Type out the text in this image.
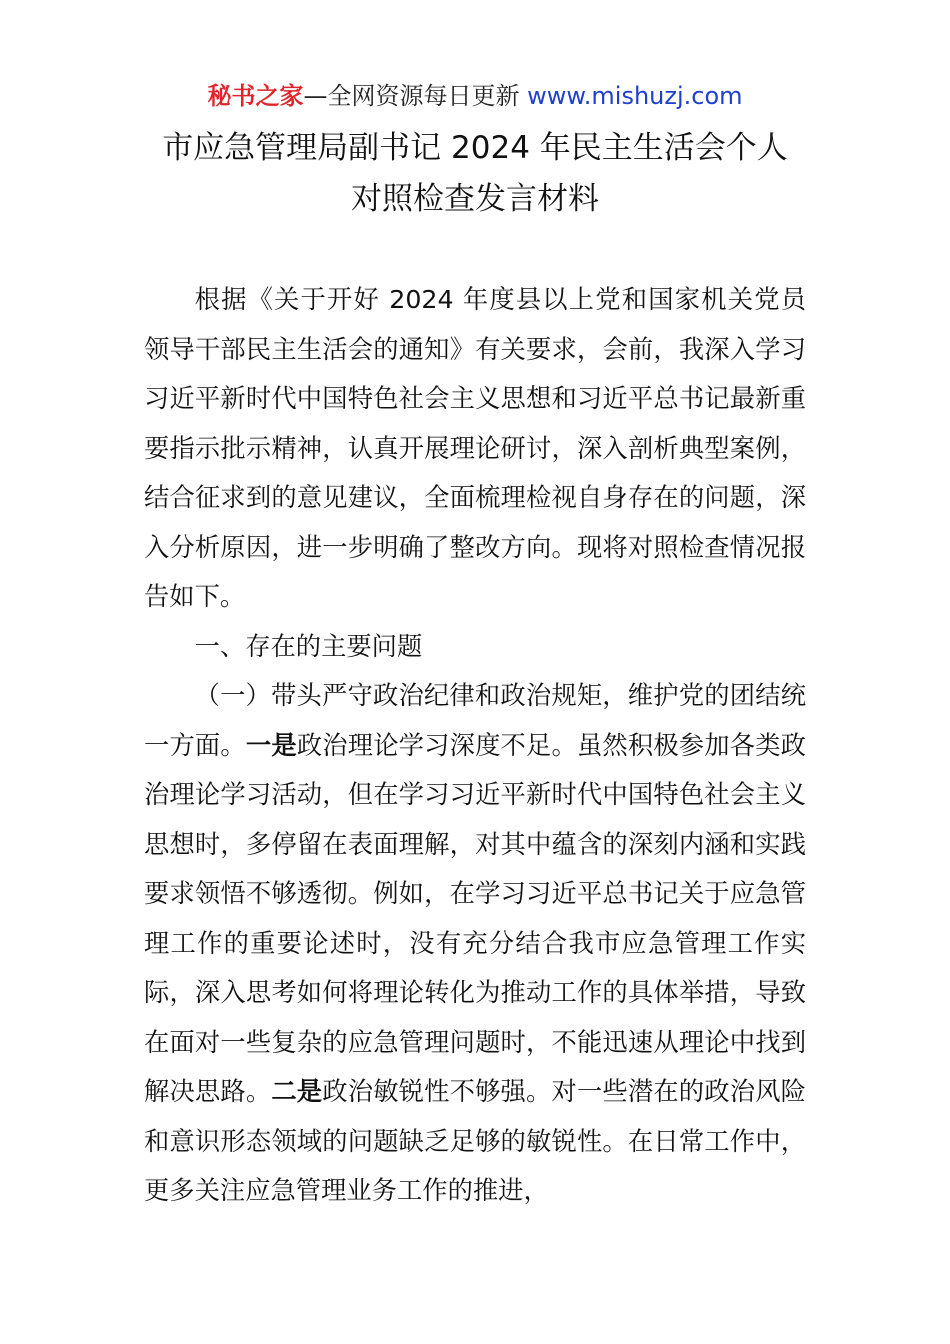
秘书之家—全网资源每日更新 www.mishuzj.com
市应急管理局副书记 2024 年民主生活会个人
对照检查发言材料

根据《关于开好 2024 年度县以上党和国家机关党员领导干部民主生活会的通知》有关要求，会前，我深入学习习近平新时代中国特色社会主义思想和习近平总书记最新重要指示批示精神，认真开展理论研讨，深入剖析典型案例，结合征求到的意见建议，全面梳理检视自身存在的问题，深入分析原因，进一步明确了整改方向。现将对照检查情况报告如下。

一、存在的主要问题

（一）带头严守政治纪律和政治规矩，维护党的团结统一方面。一是政治理论学习深度不足。虽然积极参加各类政治理论学习活动，但在学习习近平新时代中国特色社会主义思想时，多停留在表面理解，对其中蕴含的深刻内涵和实践要求领悟不够透彻。例如，在学习习近平总书记关于应急管理工作的重要论述时，没有充分结合我市应急管理工作实际，深入思考如何将理论转化为推动工作的具体举措，导致在面对一些复杂的应急管理问题时，不能迅速从理论中找到解决思路。二是政治敏锐性不够强。对一些潜在的政治风险和意识形态领域的问题缺乏足够的敏锐性。在日常工作中，更多关注应急管理业务工作的推进，
